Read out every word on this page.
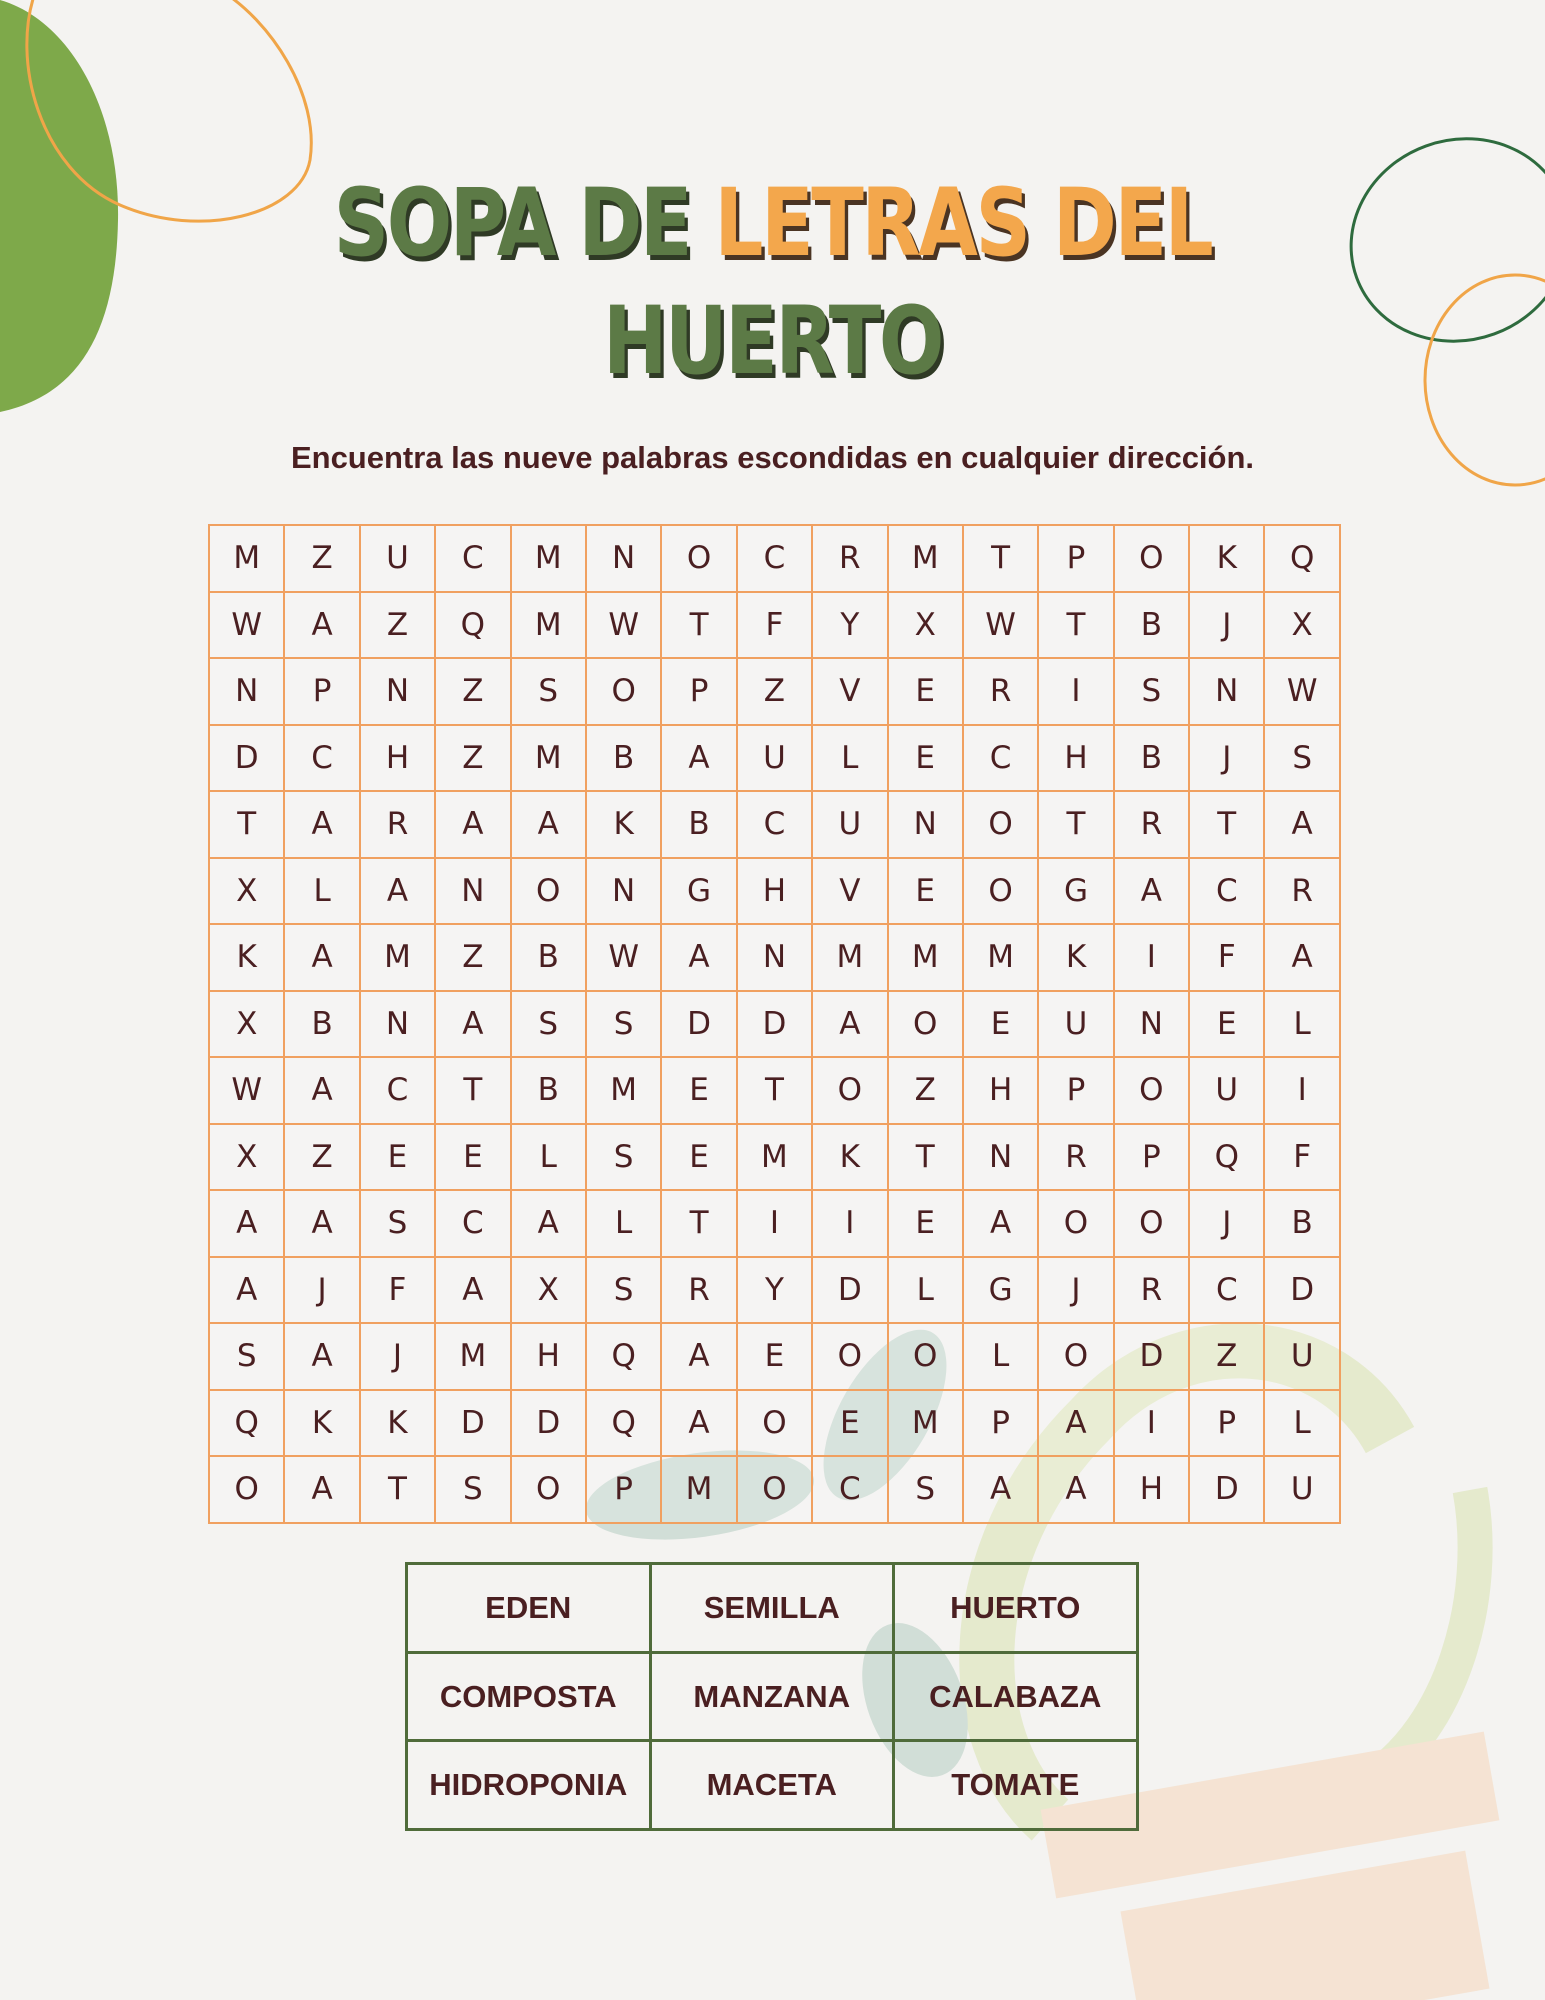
SOPA DE LETRAS DEL
HUERTO

Encuentra las nueve palabras escondidas en cualquier dirección.

M	Z	U	C	M	N	O	C	R	M	T	P	O	K	Q
W	A	Z	Q	M	W	T	F	Y	X	W	T	B	J	X
N	P	N	Z	S	O	P	Z	V	E	R	I	S	N	W
D	C	H	Z	M	B	A	U	L	E	C	H	B	J	S
T	A	R	A	A	K	B	C	U	N	O	T	R	T	A
X	L	A	N	O	N	G	H	V	E	O	G	A	C	R
K	A	M	Z	B	W	A	N	M	M	M	K	I	F	A
X	B	N	A	S	S	D	D	A	O	E	U	N	E	L
W	A	C	T	B	M	E	T	O	Z	H	P	O	U	I
X	Z	E	E	L	S	E	M	K	T	N	R	P	Q	F
A	A	S	C	A	L	T	I	I	E	A	O	O	J	B
A	J	F	A	X	S	R	Y	D	L	G	J	R	C	D
S	A	J	M	H	Q	A	E	O	O	L	O	D	Z	U
Q	K	K	D	D	Q	A	O	E	M	P	A	I	P	L
O	A	T	S	O	P	M	O	C	S	A	A	H	D	U
EDEN	SEMILLA	HUERTO
COMPOSTA	MANZANA	CALABAZA
HIDROPONIA	MACETA	TOMATE
